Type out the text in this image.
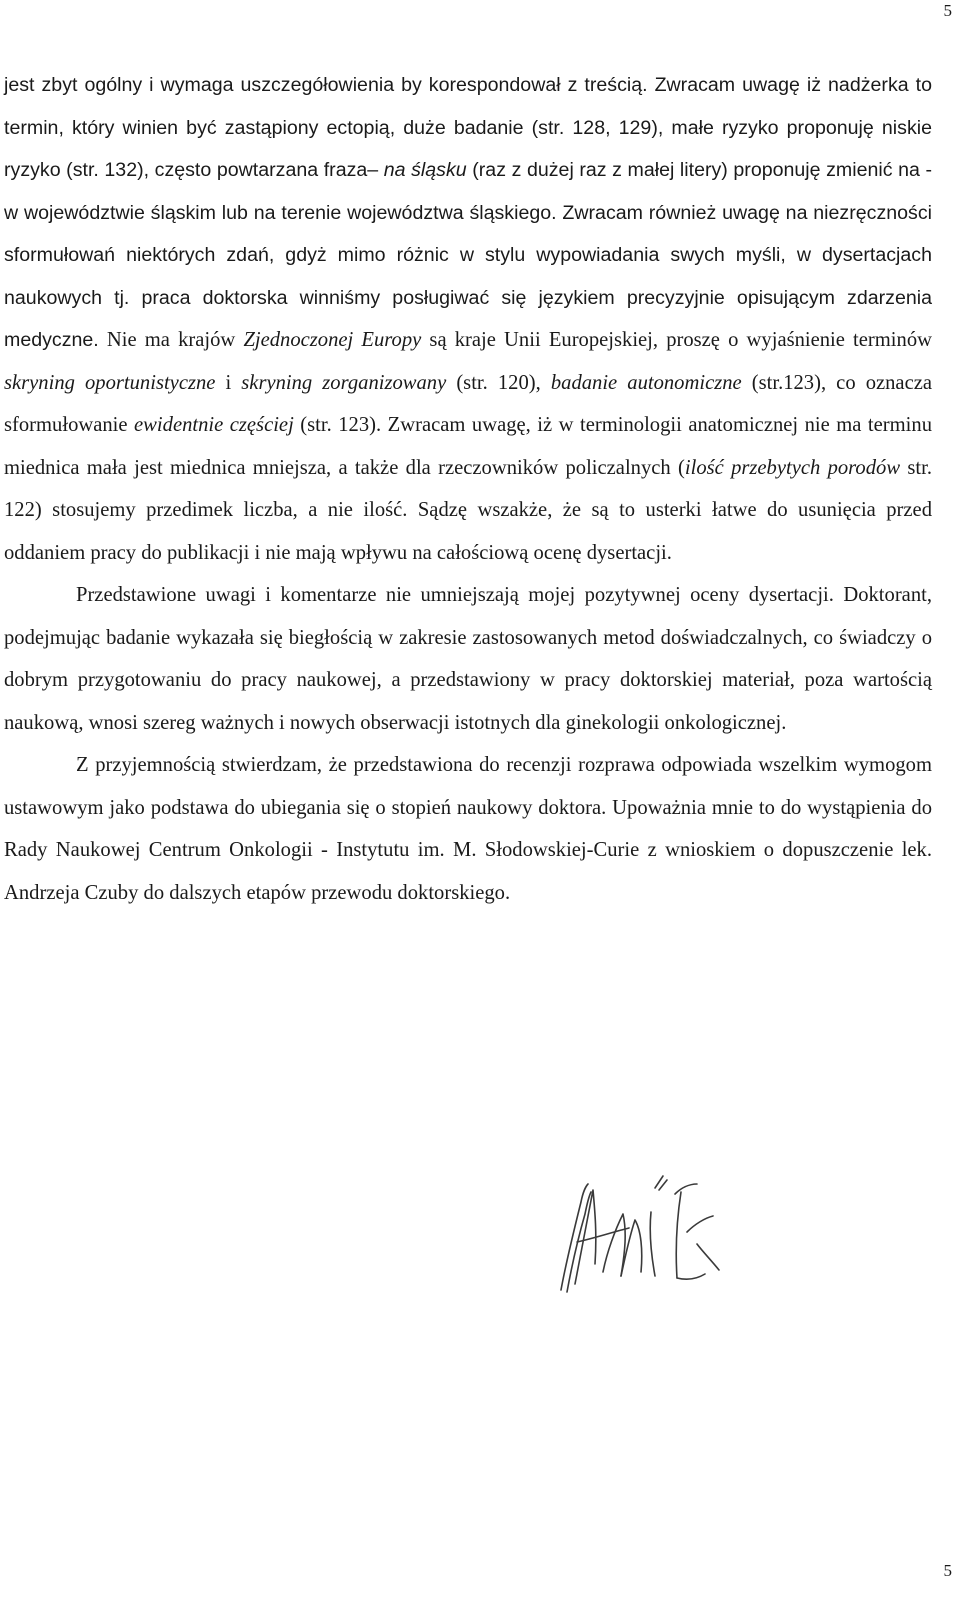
5

jest zbyt ogólny i wymaga uszczegółowienia by korespondował z treścią. Zwracam uwagę iż nadżerka to termin, który winien być zastąpiony ectopią, duże badanie (str. 128, 129), małe ryzyko proponuję niskie ryzyko (str. 132), często powtarzana fraza– na śląsku (raz z dużej raz z małej litery) proponuję zmienić na - w województwie śląskim lub na terenie województwa śląskiego. Zwracam również uwagę na niezręczności sformułowań niektórych zdań, gdyż mimo różnic w stylu wypowiadania swych myśli, w dysertacjach naukowych tj. praca doktorska winniśmy posługiwać się językiem precyzyjnie opisującym zdarzenia medyczne. Nie ma krajów Zjednoczonej Europy są kraje Unii Europejskiej, proszę o wyjaśnienie terminów skryning oportunistyczne i skryning zorganizowany (str. 120), badanie autonomiczne (str.123), co oznacza sformułowanie ewidentnie częściej (str. 123). Zwracam uwagę, iż w terminologii anatomicznej nie ma terminu miednica mała jest miednica mniejsza, a także dla rzeczowników policzalnych (ilość przebytych porodów str. 122) stosujemy przedimek liczba, a nie ilość. Sądzę wszakże, że są to usterki łatwe do usunięcia przed oddaniem pracy do publikacji i nie mają wpływu na całościową ocenę dysertacji.

Przedstawione uwagi i komentarze nie umniejszają mojej pozytywnej oceny dysertacji. Doktorant, podejmując badanie wykazała się biegłością w zakresie zastosowanych metod doświadczalnych, co świadczy o dobrym przygotowaniu do pracy naukowej, a przedstawiony w pracy doktorskiej materiał, poza wartością naukową, wnosi szereg ważnych i nowych obserwacji istotnych dla ginekologii onkologicznej.

Z przyjemnością stwierdzam, że przedstawiona do recenzji rozprawa odpowiada wszelkim wymogom ustawowym jako podstawa do ubiegania się o stopień naukowy doktora. Upoważnia mnie to do wystąpienia do Rady Naukowej Centrum Onkologii - Instytutu im. M. Słodowskiej-Curie z wnioskiem o dopuszczenie lek. Andrzeja Czuby do dalszych etapów przewodu doktorskiego.

5
